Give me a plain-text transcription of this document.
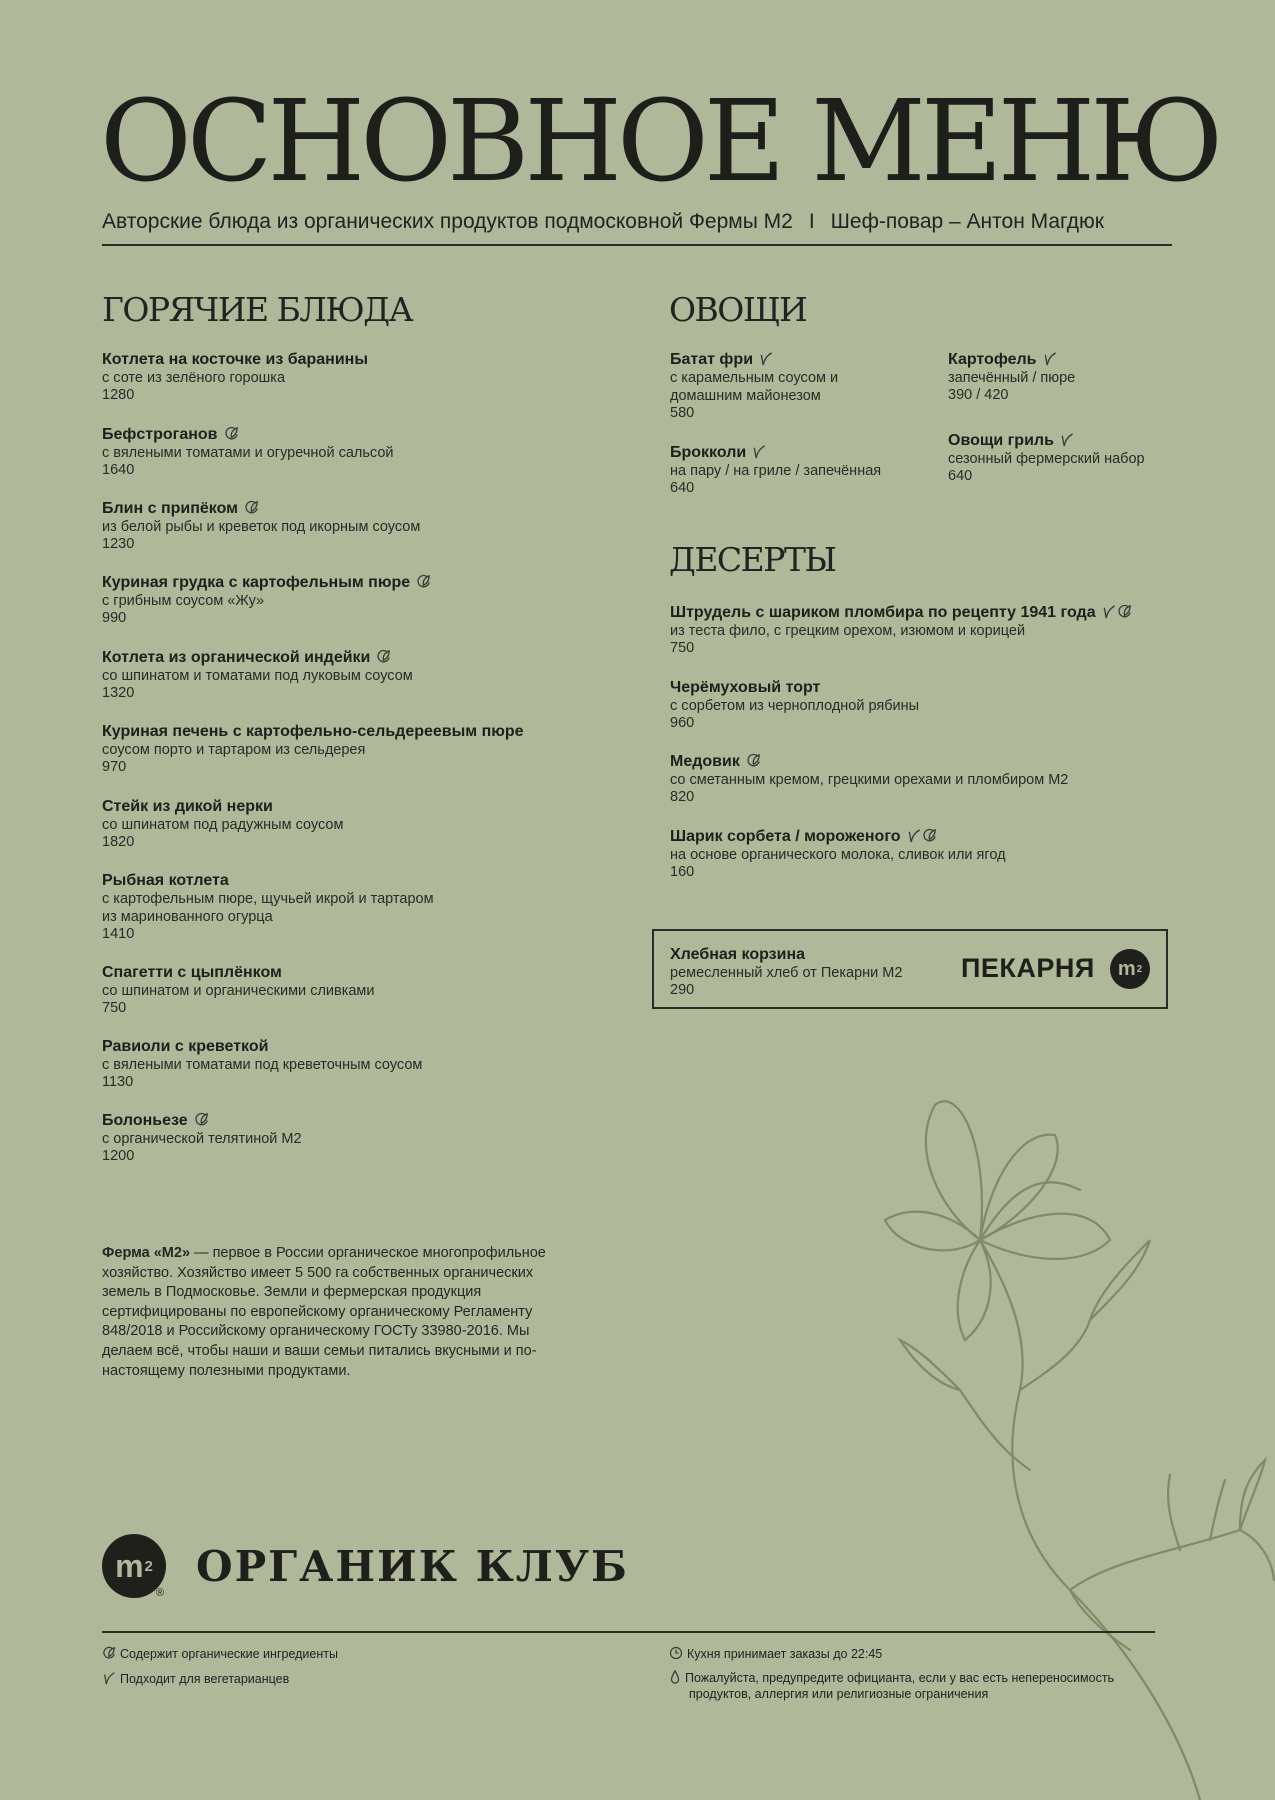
ОСНОВНОЕ МЕНЮ
Авторские блюда из органических продуктов подмосковной Фермы М2 I Шеф-повар – Антон Магдюк
ГОРЯЧИЕ БЛЮДА
Котлета на косточке из баранины
с соте из зелёного горошка
1280
Бефстроганов
с вялеными томатами и огуречной сальсой
1640
Блин с припёком
из белой рыбы и креветок под икорным соусом
1230
Куриная грудка с картофельным пюре
с грибным соусом «Жу»
990
Котлета из органической индейки
со шпинатом и томатами под луковым соусом
1320
Куриная печень с картофельно-сельдереевым пюре
соусом порто и тартаром из сельдерея
970
Стейк из дикой нерки
со шпинатом под радужным соусом
1820
Рыбная котлета
с картофельным пюре, щучьей икрой и тартаром
из маринованного огурца
1410
Спагетти с цыплёнком
со шпинатом и органическими сливками
750
Равиоли с креветкой
с вялеными томатами под креветочным соусом
1130
Болоньезе
с органической телятиной М2
1200
ОВОЩИ
Батат фри
с карамельным соусом и
домашним майонезом
580
Брокколи
на пару / на гриле / запечённая
640
Картофель
запечённый / пюре
390 / 420
Овощи гриль
сезонный фермерский набор
640
ДЕСЕРТЫ
Штрудель с шариком пломбира по рецепту 1941 года
из теста фило, с грецким орехом, изюмом и корицей
750
Черёмуховый торт
с сорбетом из черноплодной рябины
960
Медовик
со сметанным кремом, грецкими орехами и пломбиром М2
820
Шарик сорбета / мороженого
на основе органического молока, сливок или ягод
160
Хлебная корзина
ремесленный хлеб от Пекарни М2
290
ПЕКАРНЯ m 2
Ферма «М2» — первое в России органическое многопрофильное хозяйство. Хозяйство имеет 5 500 га собственных органических земель в Подмосковье. Земли и фермерская продукция сертифицированы по европейскому органическому Регламенту 848/2018 и Российскому органическому ГОСТу 33980-2016. Мы делаем всё, чтобы наши и ваши семьи питались вкусными и по-настоящему полезными продуктами.
m 2
®
ОРГАНИК КЛУБ
Содержит органические ингредиенты
Подходит для вегетарианцев
Кухня принимает заказы до 22:45
Пожалуйста, предупредите официанта, если у вас есть непереносимость
продуктов, аллергия или религиозные ограничения
